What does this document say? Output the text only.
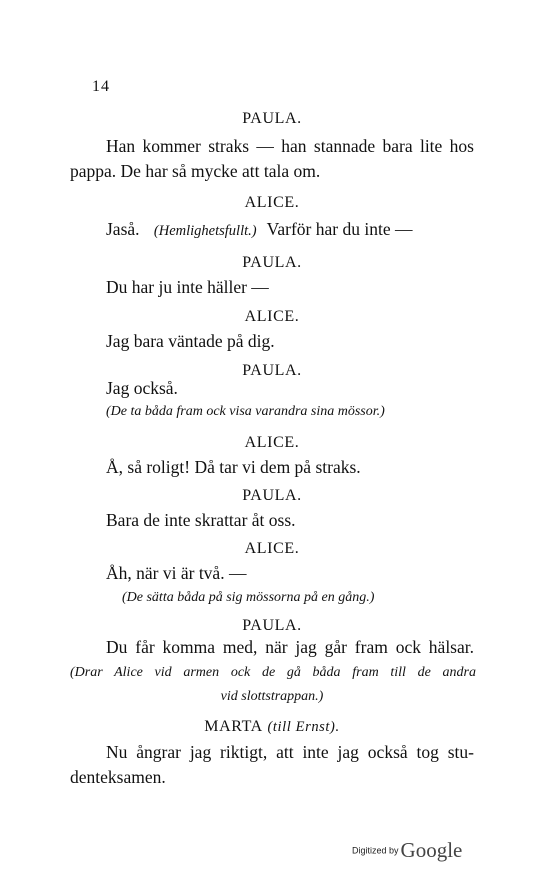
14
PAULA.
Han kommer straks — han stannade bara lite hos
pappa. De har så mycke att tala om.
ALICE.
Jaså. (Hemlighetsfullt.) Varför har du inte —
PAULA.
Du har ju inte häller —
ALICE.
Jag bara väntade på dig.
PAULA.
Jag också.
(De ta båda fram ock visa varandra sina mössor.)
ALICE.
Å, så roligt! Då tar vi dem på straks.
PAULA.
Bara de inte skrattar åt oss.
ALICE.
Åh, när vi är två. —
(De sätta båda på sig mössorna på en gång.)
PAULA.
Du får komma med, när jag går fram ock hälsar.
(Drar Alice vid armen ock de gå båda fram till de andra
vid slottstrappan.)
MARTA (till Ernst).
Nu ångrar jag riktigt, att inte jag också tog stu-
denteksamen.
Digitized byGoogle
